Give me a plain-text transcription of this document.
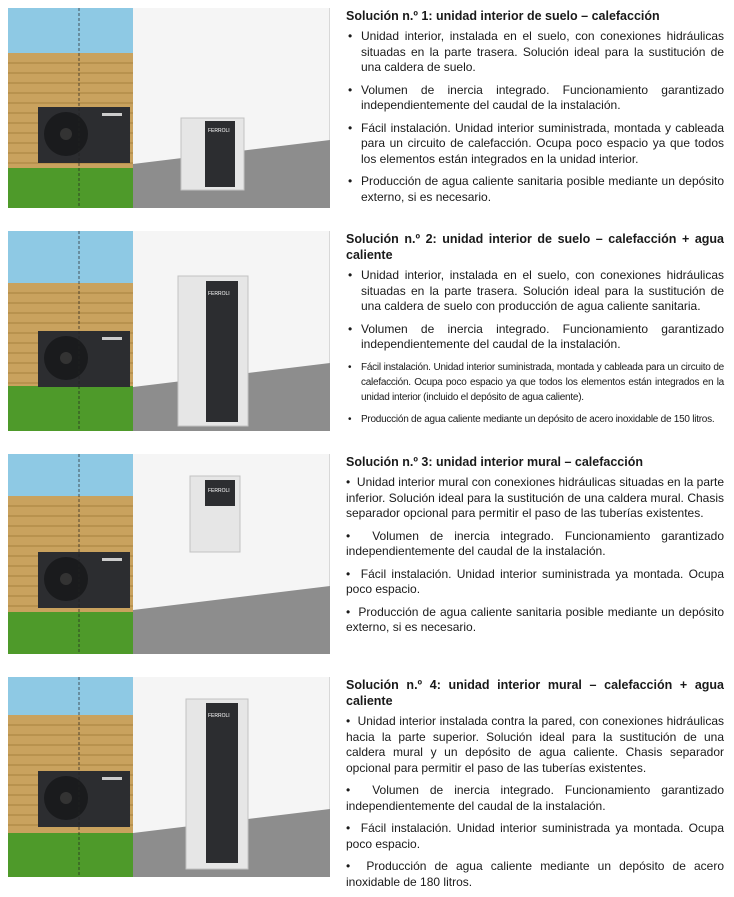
FERROLI
Solución n.º 1: unidad interior de suelo – calefacción
• Unidad interior, instalada en el suelo, con conexiones hidráulicas situadas en la parte trasera. Solución ideal para la sustitución de una caldera de suelo.
• Volumen de inercia integrado. Funcionamiento garantizado independientemente del caudal de la instalación.
• Fácil instalación. Unidad interior suministrada, montada y cableada para un circuito de calefacción. Ocupa poco espacio ya que todos los elementos están integrados en la unidad interior.
• Producción de agua caliente sanitaria posible mediante un depósito externo, si es necesario.
FERROLI
Solución n.º 2: unidad interior de suelo – calefacción + agua caliente
• Unidad interior, instalada en el suelo, con conexiones hidráulicas situadas en la parte trasera. Solución ideal para la sustitución de una caldera de suelo con producción de agua caliente sanitaria.
• Volumen de inercia integrado. Funcionamiento garantizado independientemente del caudal de la instalación.
• Fácil instalación. Unidad interior suministrada, montada y cableada para un circuito de calefacción. Ocupa poco espacio ya que todos los elementos están integrados en la unidad interior (incluido el depósito de agua caliente).
• Producción de agua caliente mediante un depósito de acero inoxidable de 150 litros.
FERROLI
Solución n.º 3: unidad interior mural – calefacción
•  Unidad interior mural con conexiones hidráulicas situadas en la parte inferior. Solución ideal para la sustitución de una caldera mural. Chasis separador opcional para permitir el paso de las tuberías existentes.
•  Volumen de inercia integrado. Funcionamiento garantizado independientemente del caudal de la instalación.
•  Fácil instalación. Unidad interior suministrada ya montada. Ocupa poco espacio.
•  Producción de agua caliente sanitaria posible mediante un depósito externo, si es necesario.
FERROLI
Solución n.º 4: unidad interior mural – calefacción + agua caliente
•  Unidad interior instalada contra la pared, con conexiones hidráulicas hacia la parte superior. Solución ideal para la sustitución de una caldera mural y un depósito de agua caliente. Chasis separador opcional para permitir el paso de las tuberías existentes.
•  Volumen de inercia integrado. Funcionamiento garantizado independientemente del caudal de la instalación.
•  Fácil instalación. Unidad interior suministrada ya montada. Ocupa poco espacio.
•  Producción de agua caliente mediante un depósito de acero inoxidable de 180 litros.
